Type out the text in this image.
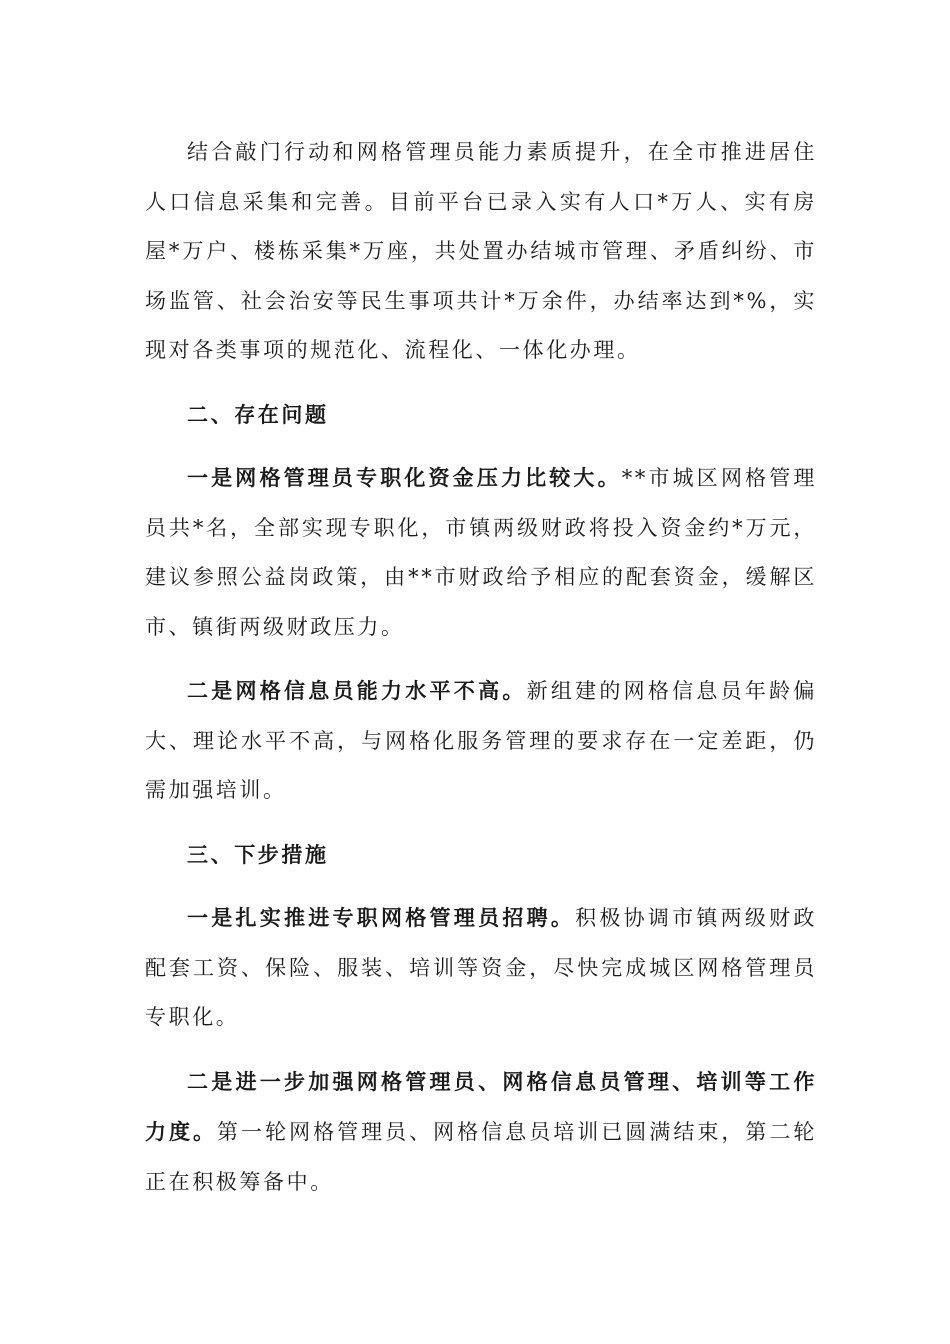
结合敲门行动和网格管理员能力素质提升，在全市推进居住人口信息采集和完善。目前平台已录入实有人口*万人、实有房屋*万户、楼栋采集*万座，共处置办结城市管理、矛盾纠纷、市场监管、社会治安等民生事项共计*万余件，办结率达到*%，实现对各类事项的规范化、流程化、一体化办理。

二、存在问题

一是网格管理员专职化资金压力比较大。**市城区网格管理员共*名，全部实现专职化，市镇两级财政将投入资金约*万元，建议参照公益岗政策，由**市财政给予相应的配套资金，缓解区市、镇街两级财政压力。

二是网格信息员能力水平不高。新组建的网格信息员年龄偏大、理论水平不高，与网格化服务管理的要求存在一定差距，仍需加强培训。

三、下步措施

一是扎实推进专职网格管理员招聘。积极协调市镇两级财政配套工资、保险、服装、培训等资金，尽快完成城区网格管理员专职化。

二是进一步加强网格管理员、网格信息员管理、培训等工作力度。第一轮网格管理员、网格信息员培训已圆满结束，第二轮正在积极筹备中。
